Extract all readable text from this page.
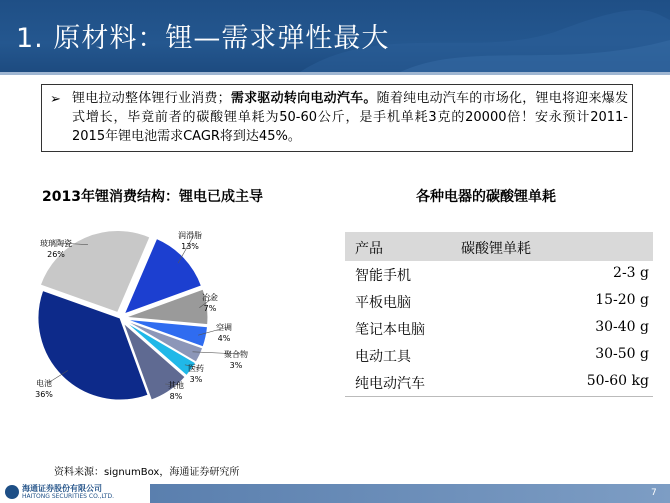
1. 原材料：锂—需求弹性最大
➢ 锂电拉动整体锂行业消费；需求驱动转向电动汽车。随着纯电动汽车的市场化，锂电将迎来爆发式增长，毕竟前者的碳酸锂单耗为50-60公斤，是手机单耗3克的20000倍！安永预计2011-2015年锂电池需求CAGR将到达45%。
2013年锂消费结构：锂电已成主导	各种电器的碳酸锂单耗
电池
36%
玻璃陶瓷
26%
润滑脂
13%
冶金
7%
空调
4%
聚合物
3%
医药
3%
其他
8%
产品	碳酸锂单耗
智能手机	2-3 g
平板电脑	15-20 g
笔记本电脑	30-40 g
电动工具	30-50 g
纯电动汽车	50-60 kg
资料来源：signumBox，海通证券研究所
海通证券股份有限公司
HAITONG SECURITIES CO.,LTD.	7
